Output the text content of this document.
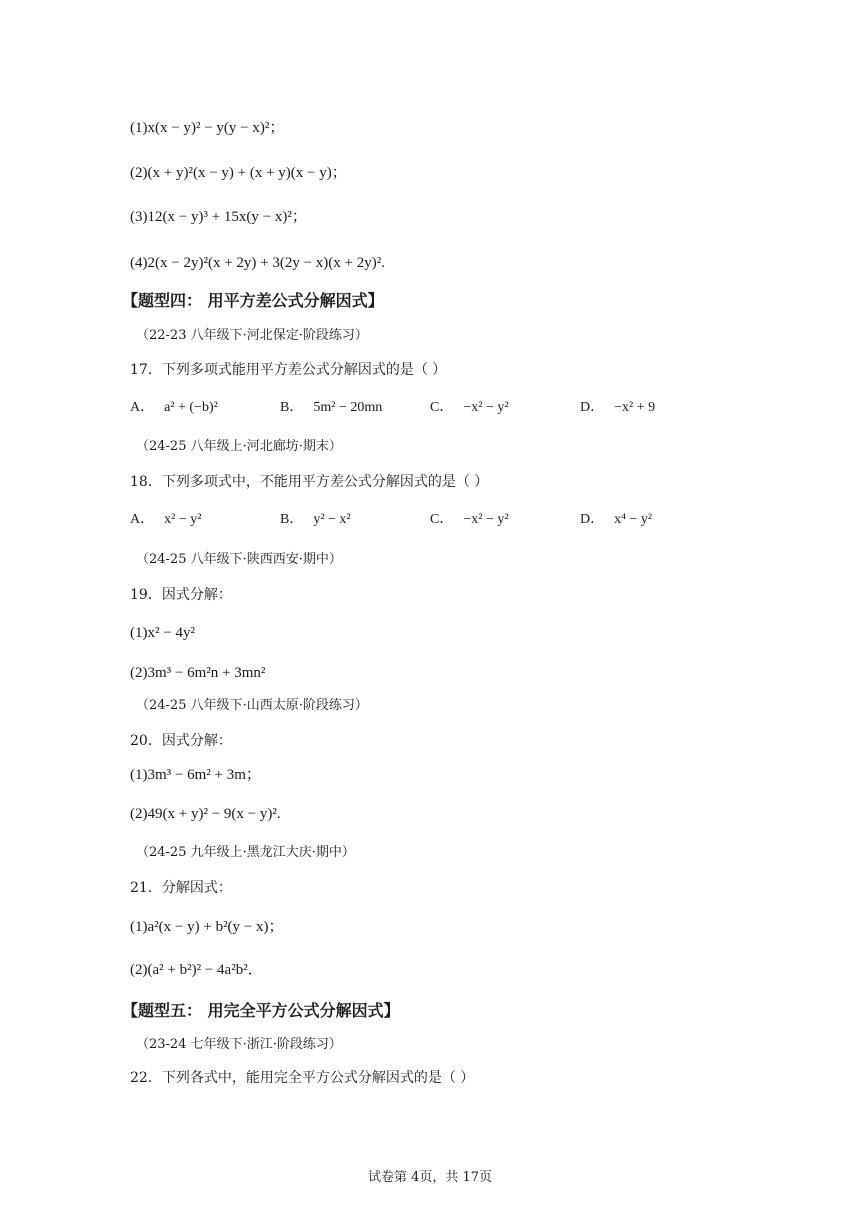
(1)x(x − y)² − y(y − x)²；
(2)(x + y)²(x − y) + (x + y)(x − y)；
(3)12(x − y)³ + 15x(y − x)²；
(4)2(x − 2y)²(x + 2y) + 3(2y − x)(x + 2y)².
【题型四： 用平方差公式分解因式】
（22-23 八年级下·河北保定·阶段练习）
17．下列多项式能用平方差公式分解因式的是（ ）
A． a² + (−b)²	B． 5m² − 20mn	C． −x² − y²	D． −x² + 9
（24-25 八年级上·河北廊坊·期末）
18．下列多项式中，不能用平方差公式分解因式的是（ ）
A． x² − y²	B． y² − x²	C． −x² − y²	D． x⁴ − y²
（24-25 八年级下·陕西西安·期中）
19．因式分解：
(1)x² − 4y²
(2)3m³ − 6m²n + 3mn²
（24-25 八年级下·山西太原·阶段练习）
20．因式分解：
(1)3m³ − 6m² + 3m；
(2)49(x + y)² − 9(x − y)².
（24-25 九年级上·黑龙江大庆·期中）
21．分解因式：
(1)a²(x − y) + b²(y − x)；
(2)(a² + b²)² − 4a²b²．
【题型五： 用完全平方公式分解因式】
（23-24 七年级下·浙江·阶段练习）
22．下列各式中，能用完全平方公式分解因式的是（ ）
试卷第 4页，共 17页
